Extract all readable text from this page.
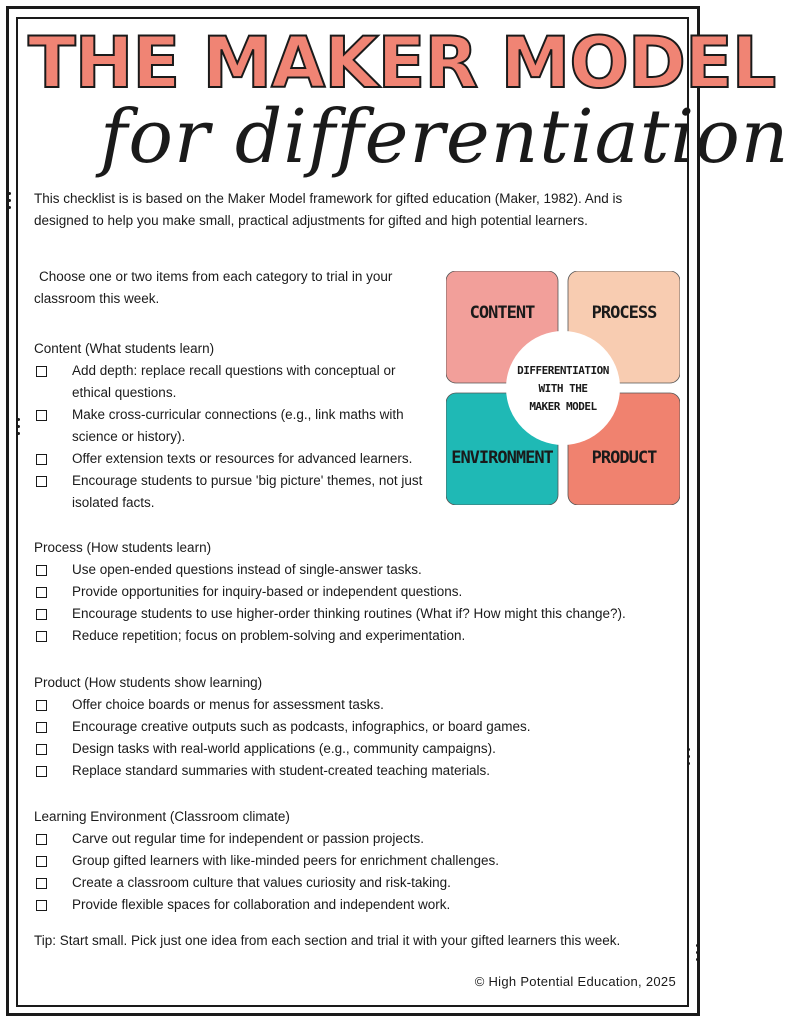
THE MAKER MODEL
for differentiation
This checklist is is based on the Maker Model framework for gifted education (Maker, 1982). And is designed to help you make small, practical adjustments for gifted and high potential learners.
Choose one or two items from each category to trial in your classroom this week.
CONTENT	PROCESS
ENVIRONMENT	PRODUCT
DIFFERENTIATION
WITH THE
MAKER MODEL
Content (What students learn)
Add depth: replace recall questions with conceptual or ethical questions.
Make cross-curricular connections (e.g., link maths with science or history).
Offer extension texts or resources for advanced learners.
Encourage students to pursue 'big picture' themes, not just isolated facts.
Process (How students learn)
Use open-ended questions instead of single-answer tasks.
Provide opportunities for inquiry-based or independent questions.
Encourage students to use higher-order thinking routines (What if? How might this change?).
Reduce repetition; focus on problem-solving and experimentation.
Product (How students show learning)
Offer choice boards or menus for assessment tasks.
Encourage creative outputs such as podcasts, infographics, or board games.
Design tasks with real-world applications (e.g., community campaigns).
Replace standard summaries with student-created teaching materials.
Learning Environment (Classroom climate)
Carve out regular time for independent or passion projects.
Group gifted learners with like-minded peers for enrichment challenges.
Create a classroom culture that values curiosity and risk-taking.
Provide flexible spaces for collaboration and independent work.
Tip: Start small. Pick just one idea from each section and trial it with your gifted learners this week.
© High Potential Education, 2025
